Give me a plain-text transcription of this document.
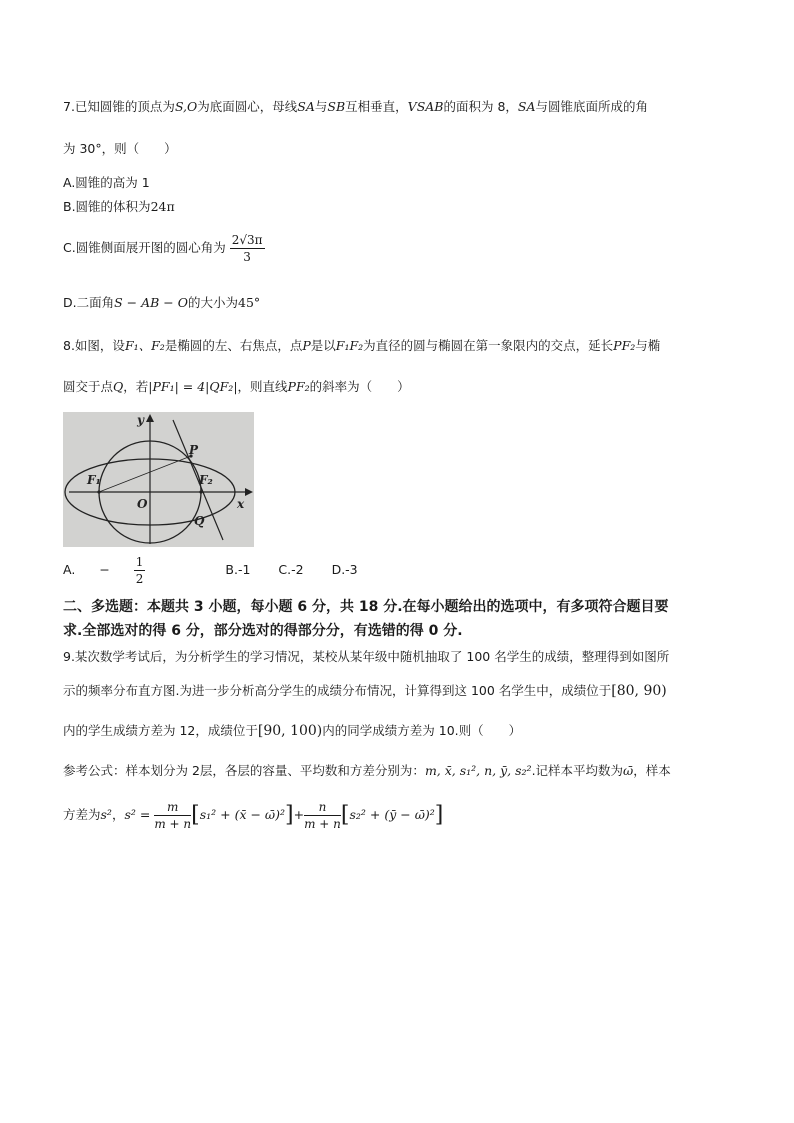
7.已知圆锥的顶点为S,O为底面圆心，母线SA与SB互相垂直，VSAB的面积为 8，SA与圆锥底面所成的角
为 30°，则（　　）
A.圆锥的高为 1
B.圆锥的体积为24π
C.圆锥侧面展开图的圆心角为 $\frac{2√3\pi}{3}$
D.二面角S − AB − O的大小为45°
8.如图，设F₁、F₂是椭圆的左、右焦点，点P是以F₁F₂为直径的圆与椭圆在第一象限内的交点，延长PF₂与椭
圆交于点Q，若|PF₁| = 4|QF₂|，则直线PF₂的斜率为（　　）
y
x
O
P
Q
F₁	F₂
A. − $\frac{1}{2}$	B.-1 C.-2 D.-3
二、多选题：本题共 3 小题，每小题 6 分，共 18 分.在每小题给出的选项中，有多项符合题目要
求.全部选对的得 6 分，部分选对的得部分分，有选错的得 0 分.
9.某次数学考试后，为分析学生的学习情况，某校从某年级中随机抽取了 100 名学生的成绩，整理得到如图所
示的频率分布直方图.为进一步分析高分学生的成绩分布情况，计算得到这 100 名学生中，成绩位于[80, 90)
内的学生成绩方差为 12，成绩位于[90, 100)内的同学成绩方差为 10.则（　　）
参考公式：样本划分为 2层，各层的容量、平均数和方差分别为：m, x̄, s₁², n, ȳ, s₂².记样本平均数为ω̄，样本
方差为s²，$s^2 = \frac{m}{m + n} [s_1^2$ + (x̄ − ω̄)²]+ $\frac{n}{m + n} [s_2^2$ + (ȳ − ω̄)²]
